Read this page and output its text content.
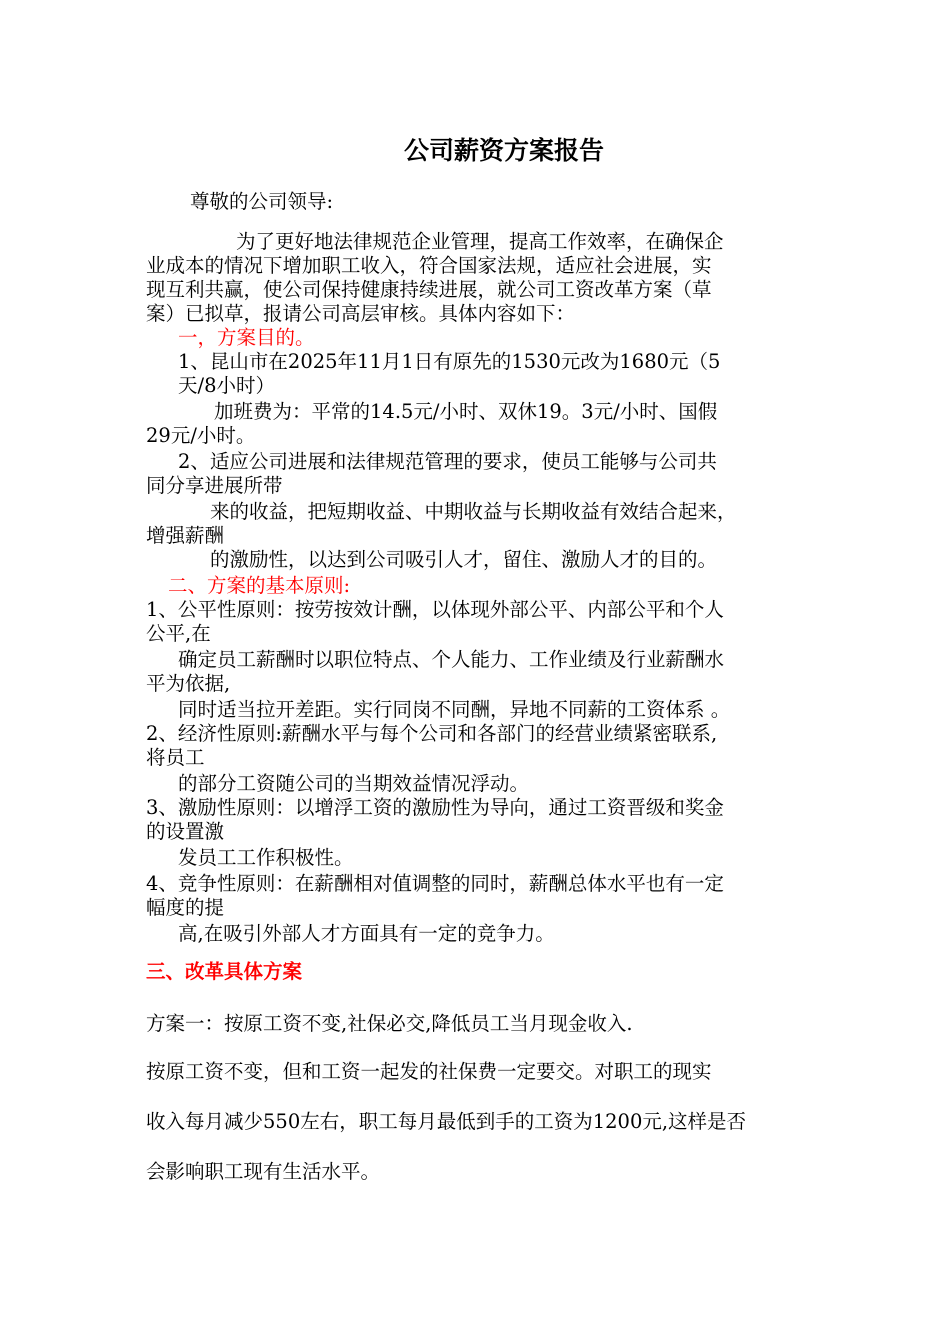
公司薪资方案报告
尊敬的公司领导:
为了更好地法律规范企业管理，提高工作效率，在确保企
业成本的情况下增加职工收入，符合国家法规，适应社会进展，实
现互利共赢，使公司保持健康持续进展，就公司工资改革方案（草
案）已拟草，报请公司高层审核。具体内容如下：
一，方案目的。
1、昆山市在2025年11月1日有原先的1530元改为1680元（5
天/8小时）
加班费为：平常的14.5元/小时、双休19。3元/小时、国假
29元/小时。
2、适应公司进展和法律规范管理的要求，使员工能够与公司共
同分享进展所带
来的收益，把短期收益、中期收益与长期收益有效结合起来，
增强薪酬
的激励性，以达到公司吸引人才，留住、激励人才的目的。
二、方案的基本原则:
1、公平性原则：按劳按效计酬，以体现外部公平、内部公平和个人
公平,在
确定员工薪酬时以职位特点、个人能力、工作业绩及行业薪酬水
平为依据,
同时适当拉开差距。实行同岗不同酬，异地不同薪的工资体系 。
2、经济性原则:薪酬水平与每个公司和各部门的经营业绩紧密联系,
将员工
的部分工资随公司的当期效益情况浮动。
3、激励性原则：以增浮工资的激励性为导向，通过工资晋级和奖金
的设置激
发员工工作积极性。
4、竞争性原则：在薪酬相对值调整的同时，薪酬总体水平也有一定
幅度的提
高,在吸引外部人才方面具有一定的竞争力。
三、改革具体方案
方案一：按原工资不变,社保必交,降低员工当月现金收入.
按原工资不变，但和工资一起发的社保费一定要交。对职工的现实
收入每月减少550左右，职工每月最低到手的工资为1200元,这样是否
会影响职工现有生活水平。
